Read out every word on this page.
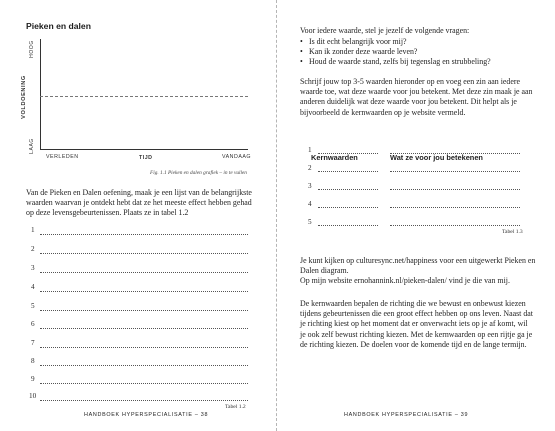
Pieken en dalen
HOOG
VOLDOENING
LAAG
VERLEDEN	TIJD	VANDAAG
Fig. 1.1 Pieken en dalen grafiek – in te vullen
Van de Pieken en Dalen oefening, maak je een lijst van de belangrijkste waarden waarvan je ontdekt hebt dat ze het meeste effect hebben gehad op deze levensgebeurtenissen. Plaats ze in tabel 1.2
1
2
3
4
5
6
7
8
9
10
Tabel 1.2
HANDBOEK HYPERSPECIALISATIE – 38
Voor iedere waarde, stel je jezelf de volgende vragen:
• Is dit echt belangrijk voor mij?
• Kan ik zonder deze waarde leven?
• Houd de waarde stand, zelfs bij tegenslag en strubbeling?
Schrijf jouw top 3-5 waarden hieronder op en voeg een zin aan iedere waarde toe, wat deze waarde voor jou betekent. Met deze zin maak je aan anderen duidelijk wat deze waarde voor jou betekent. Dit helpt als je bijvoorbeeld de kernwaarden op je website vermeld.
Kernwaarden	Wat ze voor jou betekenen
1
2
3
4
5
Tabel 1.3
Je kunt kijken op culturesync.net/happiness voor een uitgewerkt Pieken en Dalen diagram.
Op mijn website ernohannink.nl/pieken-dalen/ vind je die van mij.
De kernwaarden bepalen de richting die we bewust en onbewust kiezen tijdens gebeurtenissen die een groot effect hebben op ons leven. Naast dat je richting kiest op het moment dat er onverwacht iets op je af komt, wil je ook zelf bewust richting kiezen. Met de kernwaarden op een rijtje ga je de richting kiezen. De doelen voor de komende tijd en de lange termijn.
HANDBOEK HYPERSPECIALISATIE – 39
